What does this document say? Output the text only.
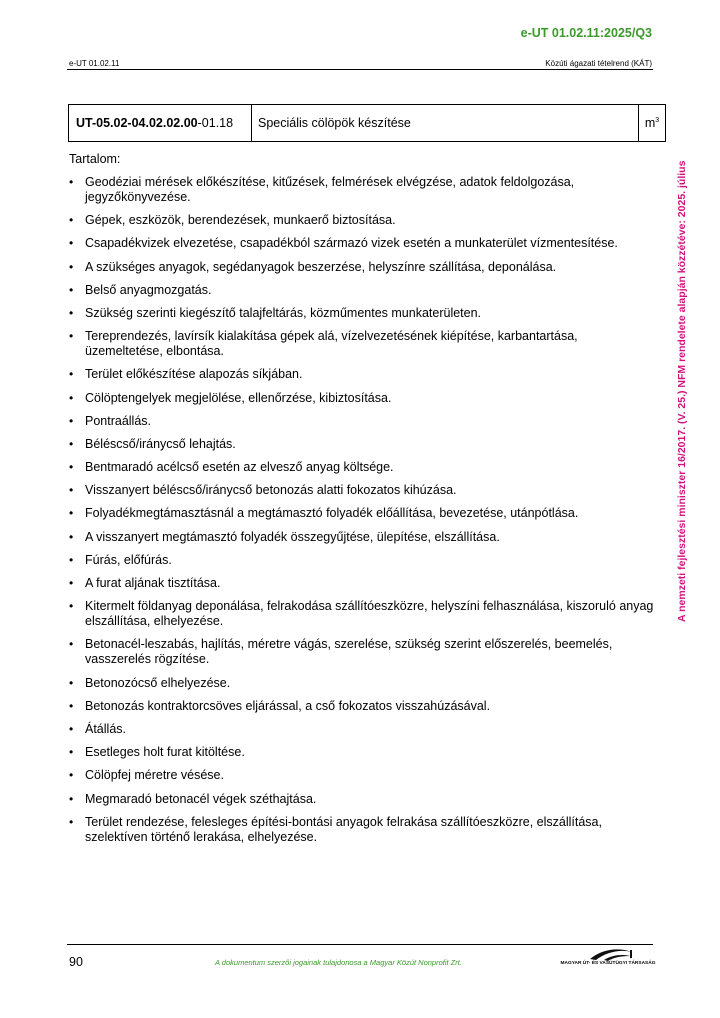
e-UT 01.02.11:2025/Q3
e-UT 01.02.11	Közúti ágazati tételrend (KÁT)
UT-05.02-04.02.02.00 -01.18	Speciális cölöpök készítése	$m^3$
Tartalom:
• Geodéziai mérések előkészítése, kitűzések, felmérések elvégzése, adatok feldolgozása, jegyzőkönyvezése.
• Gépek, eszközök, berendezések, munkaerő biztosítása.
• Csapadékvizek elvezetése, csapadékból származó vizek esetén a munkaterület vízmentesítése.
• A szükséges anyagok, segédanyagok beszerzése, helyszínre szállítása, deponálása.
• Belső anyagmozgatás.
• Szükség szerinti kiegészítő talajfeltárás, közműmentes munkaterületen.
• Tereprendezés, lavírsík kialakítása gépek alá, vízelvezetésének kiépítése, karbantartása, üzemeltetése, elbontása.
• Terület előkészítése alapozás síkjában.
• Cölöptengelyek megjelölése, ellenőrzése, kibiztosítása.
• Pontraállás.
• Béléscső/iránycső lehajtás.
• Bentmaradó acélcső esetén az elvesző anyag költsége.
• Visszanyert béléscső/iránycső betonozás alatti fokozatos kihúzása.
• Folyadékmegtámasztásnál a megtámasztó folyadék előállítása, bevezetése, utánpótlása.
• A visszanyert megtámasztó folyadék összegyűjtése, ülepítése, elszállítása.
• Fúrás, előfúrás.
• A furat aljának tisztítása.
• Kitermelt földanyag deponálása, felrakodása szállítóeszközre, helyszíni felhasználása, kiszoruló anyag elszállítása, elhelyezése.
• Betonacél-leszabás, hajlítás, méretre vágás, szerelése, szükség szerint előszerelés, beemelés, vasszerelés rögzítése.
• Betonozócső elhelyezése.
• Betonozás kontraktorcsöves eljárással, a cső fokozatos visszahúzásával.
• Átállás.
• Esetleges holt furat kitöltése.
• Cölöpfej méretre vésése.
• Megmaradó betonacél végek széthajtása.
• Terület rendezése, felesleges építési-bontási anyagok felrakása szállítóeszközre, elszállítása, szelektíven történő lerakása, elhelyezése.
A nemzeti fejlesztési miniszter 16/2017. (V. 25.) NFM rendelete alapján közzétéve: 2025. július
90	A dokumentum szerzői jogainak tulajdonosa a Magyar Közút Nonprofit Zrt.	MAGYAR ÚT- ÉS VASÚTÜGYI TÁRSASÁG
